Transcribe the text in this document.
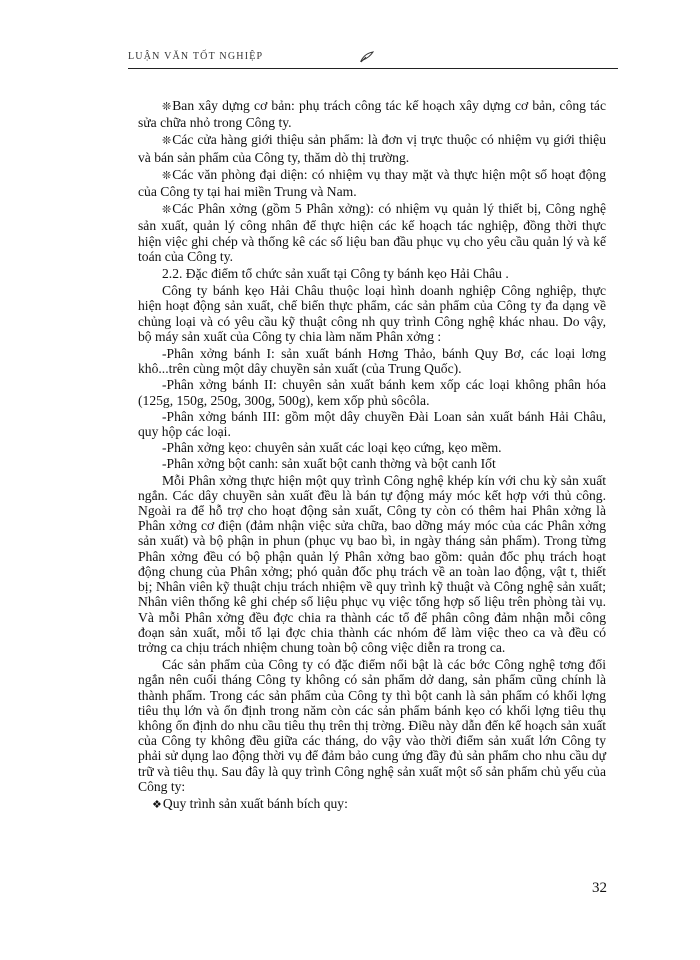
LUẬN VĂN TỐT NGHIỆP

❊Ban xây dựng cơ bản: phụ trách công tác kế hoạch xây dựng cơ bản, công tác sửa chữa nhỏ trong Công ty.

❊Các cửa hàng giới thiệu sản phẩm: là đơn vị trực thuộc có nhiệm vụ giới thiệu và bán sản phẩm của Công ty, thăm dò thị trường.

❊Các văn phòng đại diện: có nhiệm vụ thay mặt và thực hiện một số hoạt động của Công ty tại hai miền Trung và Nam.

❊Các Phân xởng (gồm 5 Phân xởng): có nhiệm vụ quản lý thiết bị, Công nghệ sản xuất, quản lý công nhân để thực hiện các kế hoạch tác nghiệp, đồng thời thực hiện việc ghi chép và thống kê các số liệu ban đầu phục vụ cho yêu cầu quản lý và kế toán của Công ty.

2.2. Đặc điểm tổ chức sản xuất tại Công ty bánh kẹo Hải Châu .

Công ty bánh kẹo Hải Châu thuộc loại hình doanh nghiệp Công nghiệp, thực hiện hoạt động sản xuất, chế biến thực phẩm, các sản phẩm của Công ty đa dạng về chủng loại và có yêu cầu kỹ thuật công nh quy trình Công nghệ khác nhau. Do vậy, bộ máy sản xuất của Công ty chia làm năm Phân xởng :

-Phân xởng bánh I: sản xuất bánh Hơng Thảo, bánh Quy Bơ, các loại lơng khô...trên cùng một dây chuyền sản xuất (của Trung Quốc).

-Phân xởng bánh II: chuyên sản xuất bánh kem xốp các loại không phân hóa (125g, 150g, 250g, 300g, 500g), kem xốp phủ sôcôla.

-Phân xởng bánh III: gồm một dây chuyền Đài Loan sản xuất bánh Hải Châu, quy hộp các loại.

-Phân xởng kẹo: chuyên sản xuất các loại kẹo cứng, kẹo mềm.

-Phân xởng bột canh: sản xuất bột canh thờng và bột canh Iốt

Mỗi Phân xởng thực hiện một quy trình Công nghệ khép kín với chu kỳ sản xuất ngắn. Các dây chuyền sản xuất đều là bán tự động máy móc kết hợp với thủ công. Ngoài ra để hỗ trợ cho hoạt động sản xuất, Công ty còn có thêm hai Phân xởng là Phân xởng cơ điện (đảm nhận việc sửa chữa, bao dỡng máy móc của các Phân xởng sản xuất) và bộ phận in phun (phục vụ bao bì, in ngày tháng sản phẩm). Trong từng Phân xởng đều có bộ phận quản lý Phân xởng bao gồm: quản đốc phụ trách hoạt động chung của Phân xởng; phó quản đốc phụ trách về an toàn lao động, vật t, thiết bị; Nhân viên kỹ thuật chịu trách nhiệm về quy trình kỹ thuật và Công nghệ sản xuất; Nhân viên thống kê ghi chép số liệu phục vụ việc tổng hợp số liệu trên phòng tài vụ. Và mỗi Phân xởng đều đợc chia ra thành các tổ để phân công đảm nhận mỗi công đoạn sản xuất, mỗi tổ lại đợc chia thành các nhóm để làm việc theo ca và đều có trởng ca chịu trách nhiệm chung toàn bộ công việc diễn ra trong ca.

Các sản phẩm của Công ty có đặc điểm nổi bật là các bớc Công nghệ tơng đối ngắn nên cuối tháng Công ty không có sản phẩm dở dang, sản phẩm cũng chính là thành phẩm. Trong các sản phẩm của Công ty thì bột canh là sản phẩm có khối lợng tiêu thụ lớn và ổn định trong năm còn các sản phẩm bánh kẹo có khối lợng tiêu thụ không ổn định do nhu cầu tiêu thụ trên thị trờng. Điều này dẫn đến kế hoạch sản xuất của Công ty không đều giữa các tháng, do vậy vào thời điểm sản xuất lớn Công ty phải sử dụng lao động thời vụ để đảm bảo cung ứng đầy đủ sản phẩm cho nhu cầu dự trữ và tiêu thụ. Sau đây là quy trình Công nghệ sản xuất một số sản phẩm chủ yếu của Công ty:

❖Quy trình sản xuất bánh bích quy:

32
